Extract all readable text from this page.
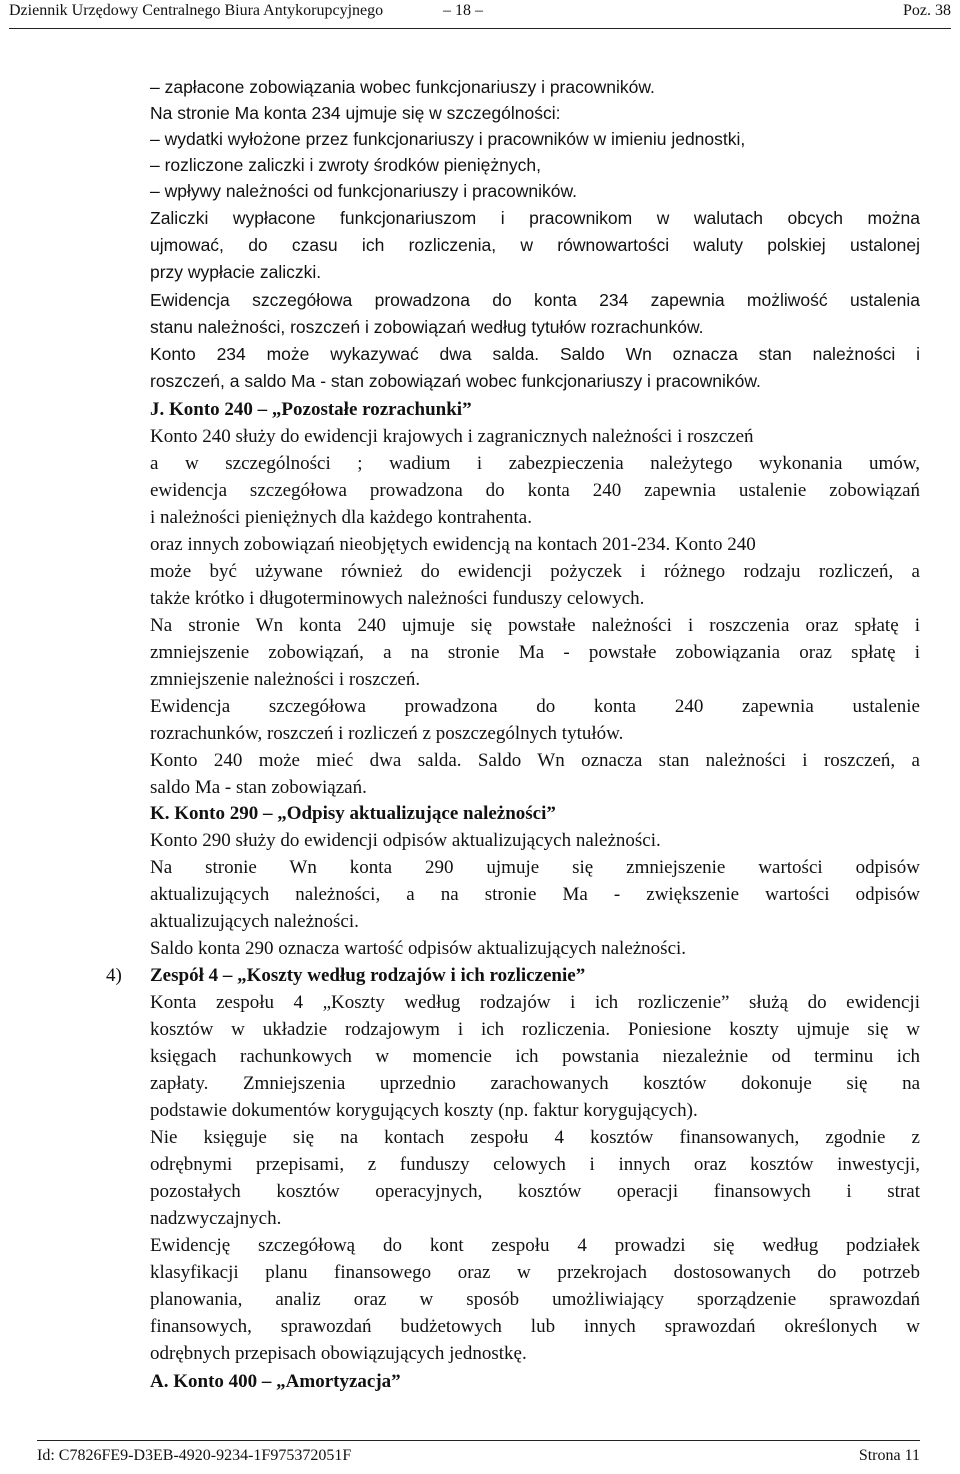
Dziennik Urzędowy Centralnego Biura Antykorupcyjnego	– 18 –	Poz. 38
– zapłacone zobowiązania wobec funkcjonariuszy i pracowników.
Na stronie Ma konta 234 ujmuje się w szczególności:
– wydatki wyłożone przez funkcjonariuszy i pracowników w imieniu jednostki,
– rozliczone zaliczki i zwroty środków pieniężnych,
– wpływy należności od funkcjonariuszy i pracowników.
Zaliczki wypłacone funkcjonariuszom i pracownikom w walutach obcych można
ujmować, do czasu ich rozliczenia, w równowartości waluty polskiej ustalonej
przy wypłacie zaliczki.
Ewidencja szczegółowa prowadzona do konta 234 zapewnia możliwość ustalenia
stanu należności, roszczeń i zobowiązań według tytułów rozrachunków.
Konto 234 może wykazywać dwa salda. Saldo Wn oznacza stan należności i
roszczeń, a saldo Ma - stan zobowiązań wobec funkcjonariuszy i pracowników.
J. Konto 240 – „Pozostałe rozrachunki”
Konto 240 służy do ewidencji krajowych i zagranicznych należności i roszczeń
a w szczególności ; wadium i zabezpieczenia należytego wykonania umów,
ewidencja szczegółowa prowadzona do konta 240 zapewnia ustalenie zobowiązań
i należności pieniężnych dla każdego kontrahenta.
oraz innych zobowiązań nieobjętych ewidencją na kontach 201-234. Konto 240
może być używane również do ewidencji pożyczek i różnego rodzaju rozliczeń, a
także krótko i długoterminowych należności funduszy celowych.
Na stronie Wn konta 240 ujmuje się powstałe należności i roszczenia oraz spłatę i
zmniejszenie zobowiązań, a na stronie Ma - powstałe zobowiązania oraz spłatę i
zmniejszenie należności i roszczeń.
Ewidencja szczegółowa prowadzona do konta 240 zapewnia ustalenie
rozrachunków, roszczeń i rozliczeń z poszczególnych tytułów.
Konto 240 może mieć dwa salda. Saldo Wn oznacza stan należności i roszczeń, a
saldo Ma - stan zobowiązań.
K. Konto 290 – „Odpisy aktualizujące należności”
Konto 290 służy do ewidencji odpisów aktualizujących należności.
Na stronie Wn konta 290 ujmuje się zmniejszenie wartości odpisów
aktualizujących należności, a na stronie Ma - zwiększenie wartości odpisów
aktualizujących należności.
Saldo konta 290 oznacza wartość odpisów aktualizujących należności.
Zespół 4 – „Koszty według rodzajów i ich rozliczenie”
Konta zespołu 4 „Koszty według rodzajów i ich rozliczenie” służą do ewidencji
kosztów w układzie rodzajowym i ich rozliczenia. Poniesione koszty ujmuje się w
księgach rachunkowych w momencie ich powstania niezależnie od terminu ich
zapłaty. Zmniejszenia uprzednio zarachowanych kosztów dokonuje się na
podstawie dokumentów korygujących koszty (np. faktur korygujących).
Nie księguje się na kontach zespołu 4 kosztów finansowanych, zgodnie z
odrębnymi przepisami, z funduszy celowych i innych oraz kosztów inwestycji,
pozostałych kosztów operacyjnych, kosztów operacji finansowych i strat
nadzwyczajnych.
Ewidencję szczegółową do kont zespołu 4 prowadzi się według podziałek
klasyfikacji planu finansowego oraz w przekrojach dostosowanych do potrzeb
planowania, analiz oraz w sposób umożliwiający sporządzenie sprawozdań
finansowych, sprawozdań budżetowych lub innych sprawozdań określonych w
odrębnych przepisach obowiązujących jednostkę.
A. Konto 400 – „Amortyzacja”
4)
Id: C7826FE9-D3EB-4920-9234-1F975372051F	Strona 11
